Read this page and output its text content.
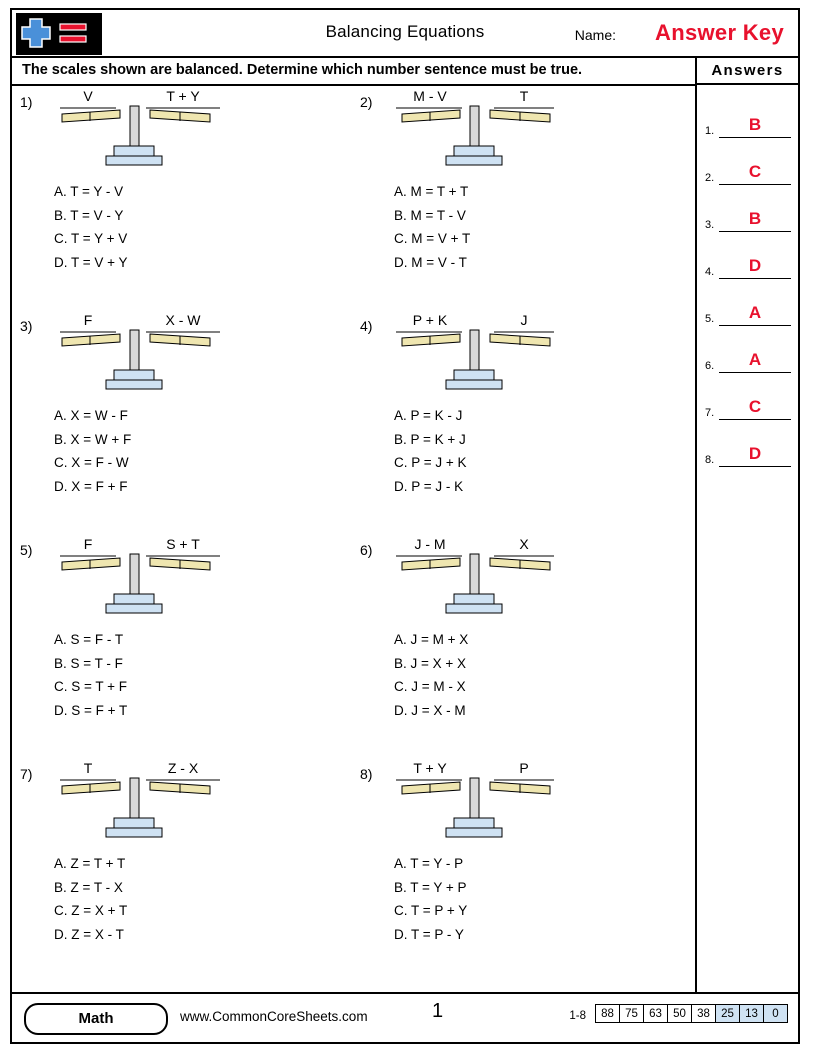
Balancing Equations	Name: Answer Key
The scales shown are balanced. Determine which number sentence must be true.	Answers
1.	B
2.	C
3.	B
4.	D
5.	A
6.	A
7.	C
8.	D
1)	V	T + Y
A. T = Y - V
B. T = V - Y
C. T = Y + V
D. T = V + Y
2)	M - V	T
A. M = T + T
B. M = T - V
C. M = V + T
D. M = V - T
3)	F	X - W
A. X = W - F
B. X = W + F
C. X = F - W
D. X = F + F
4)	P + K	J
A. P = K - J
B. P = K + J
C. P = J + K
D. P = J - K
5)	F	S + T
A. S = F - T
B. S = T - F
C. S = T + F
D. S = F + T
6)	J - M	X
A. J = M + X
B. J = X + X
C. J = M - X
D. J = X - M
7)	T	Z - X
A. Z = T + T
B. Z = T - X
C. Z = X + T
D. Z = X - T
8)	T + Y	P
A. T = Y - P
B. T = Y + P
C. T = P + Y
D. T = P - Y
Math	www.CommonCoreSheets.com	1	1-8 88	75	63	50	38	25	13	0
